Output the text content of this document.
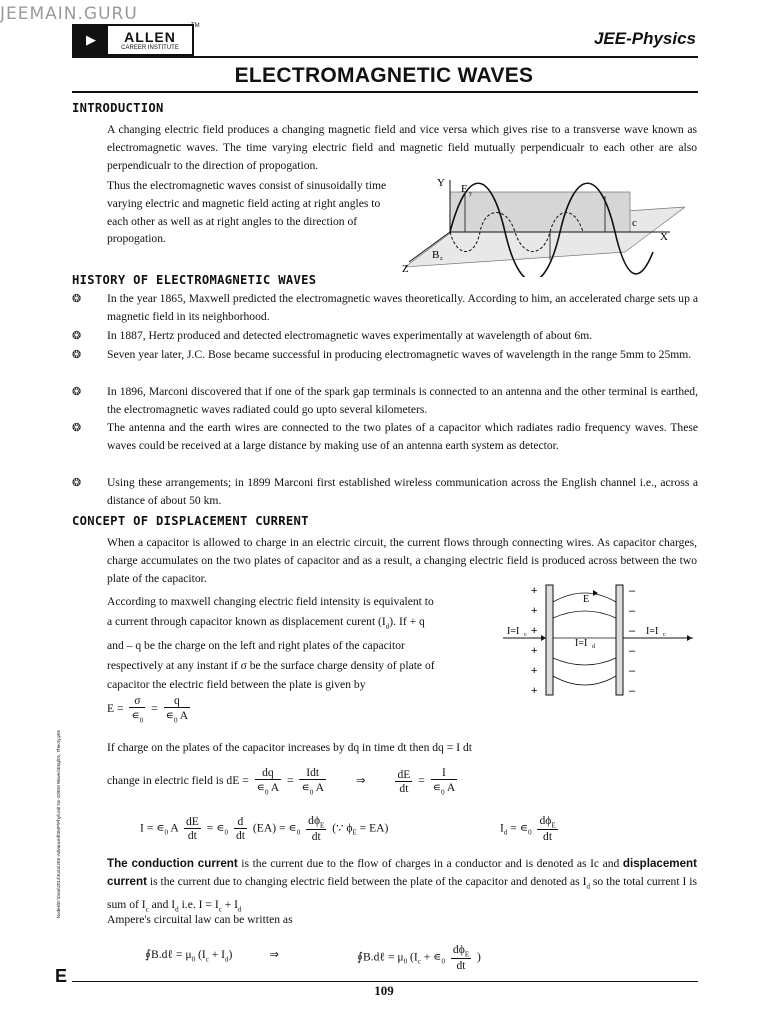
JEEMAIN.GURU
▶	ALLEN
CAREER INSTITUTE
TM
JEE-Physics
ELECTROMAGNETIC WAVES
INTRODUCTION
A changing electric field produces a changing magnetic field and vice versa which gives rise to a transverse wave known as electromagnetic waves. The time varying electric field and magnetic field mutually perpendicualr to each other are also perpendicualr to the direction of propogation.
Thus the electromagnetic waves consist of sinusoidally time varying electric and magnetic field acting at right angles to each other as well as at right angles to the direction of propogation.
Y E y
c
X
B z
Z
HISTORY OF ELECTROMAGNETIC WAVES
❂ In the year 1865, Maxwell predicted the electromagnetic waves theoretically. According to him, an accelerated charge sets up a magnetic field in its neighborhood.
❂ In 1887, Hertz produced and detected electromagnetic waves experimentally at wavelength of about 6m.
❂ Seven year later, J.C. Bose became successful in producing electromagnetic waves of wavelength in the range 5mm to 25mm.
❂ In 1896, Marconi discovered that if one of the spark gap terminals is connected to an antenna and the other terminal is earthed, the electromagnetic waves radiated could go upto several kilometers.
❂ The antenna and the earth wires are connected to the two plates of a capacitor which radiates radio frequency waves. These waves could be received at a large distance by making use of an antenna earth system as detector.
❂ Using these arrangements; in 1899 Marconi first established wireless communication across the English channel i.e., across a distance of about 50 km.
CONCEPT OF DISPLACEMENT CURRENT
When a capacitor is allowed to charge in an electric circuit, the current flows through connecting wires. As capacitor charges, charge accumulates on the two plates of capacitor and as a result, a changing electric field is produced across between the two plate of the capacitor.
According to maxwell changing electric field intensity is equivalent to
a current through capacitor known as displacement curent $(I_d)$. If + q
and – q be the charge on the left and right plates of the capacitor
respectively at any instant if σ be the surface charge density of plate of
capacitor the electric field between the plate is given by
+
+
+
+
+
+
–
–
–
–
–
–
I=I c	I=I c
E
I=I d
$E = \frac{\sigma}{∊_0} = \frac{q}{∊_0 A}$
If charge on the plates of the capacitor increases by dq in time dt then dq = I dt
change in electric field is dE = $\frac{dq}{∊_0 A} = \frac{\text{Idt}}{∊_0 A}$	⇒	$\frac{dE}{dt} = \frac{I}{∊_0 A}$
$I = ∊_0$ A $\frac{dE}{dt}$ = $∊_0 \frac{d}{dt} (EA)$ = $∊_0 \frac{d\phi_E}{dt}$ (∵ $\phi_E = EA$)	$I_d$ = $∊_0 \frac{d\phi_E}{dt}$
The conduction current is the current due to the flow of charges in a conductor and is denoted as Ic and displacement current is the current due to changing electric field between the plate of the capacitor and denoted as $I_d$ so the total current I is sum of $I_c$ and $I_d$ i.e. $I = I_c + I_d$
Ampere's circuital law can be written as
∮B.dℓ = $\mu_0$ $(I_c + I_d)$	⇒	∮B.dℓ = $\mu_0$ ($I_c$ + $∊_0 \frac{d\phi_E}{dt}$ )
Node6\E:\Data\2014\Kota\JEE-Advanced\SMP\Phy\Unit No-10\EM Waves\Eng\01. Theory.p65
E
109
